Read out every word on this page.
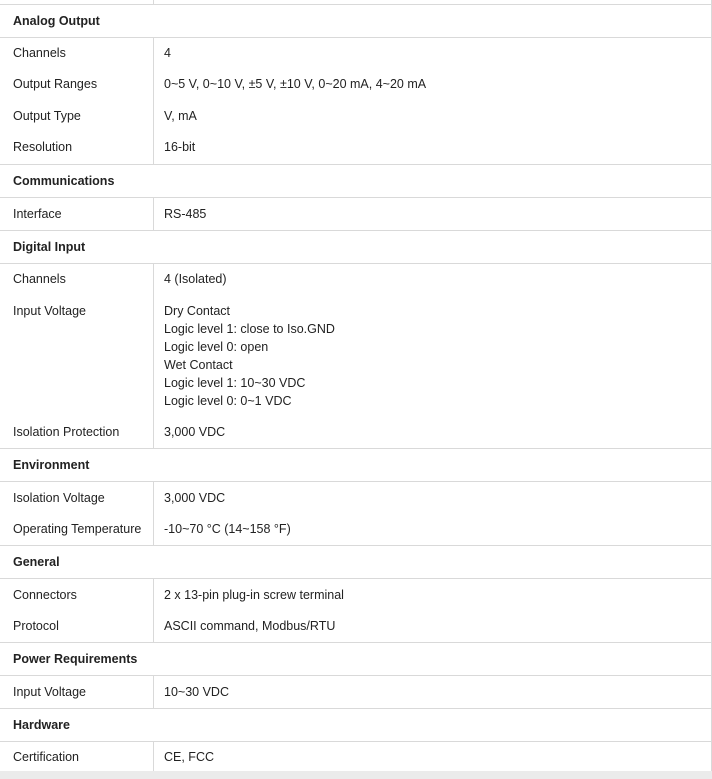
Analog Output
Channels	4
Output Ranges	0~5 V, 0~10 V, ±5 V, ±10 V, 0~20 mA, 4~20 mA
Output Type	V, mA
Resolution	16-bit
Communications
Interface	RS-485
Digital Input
Channels	4 (Isolated)
Input Voltage	Dry Contact
Logic level 1: close to Iso.GND
Logic level 0: open
Wet Contact
Logic level 1: 10~30 VDC
Logic level 0: 0~1 VDC
Isolation Protection	3,000 VDC
Environment
Isolation Voltage	3,000 VDC
Operating Temperature -10~70 °C (14~158 °F)
General
Connectors	2 x 13-pin plug-in screw terminal
Protocol	ASCII command, Modbus/RTU
Power Requirements
Input Voltage	10~30 VDC
Hardware
Certification	CE, FCC
